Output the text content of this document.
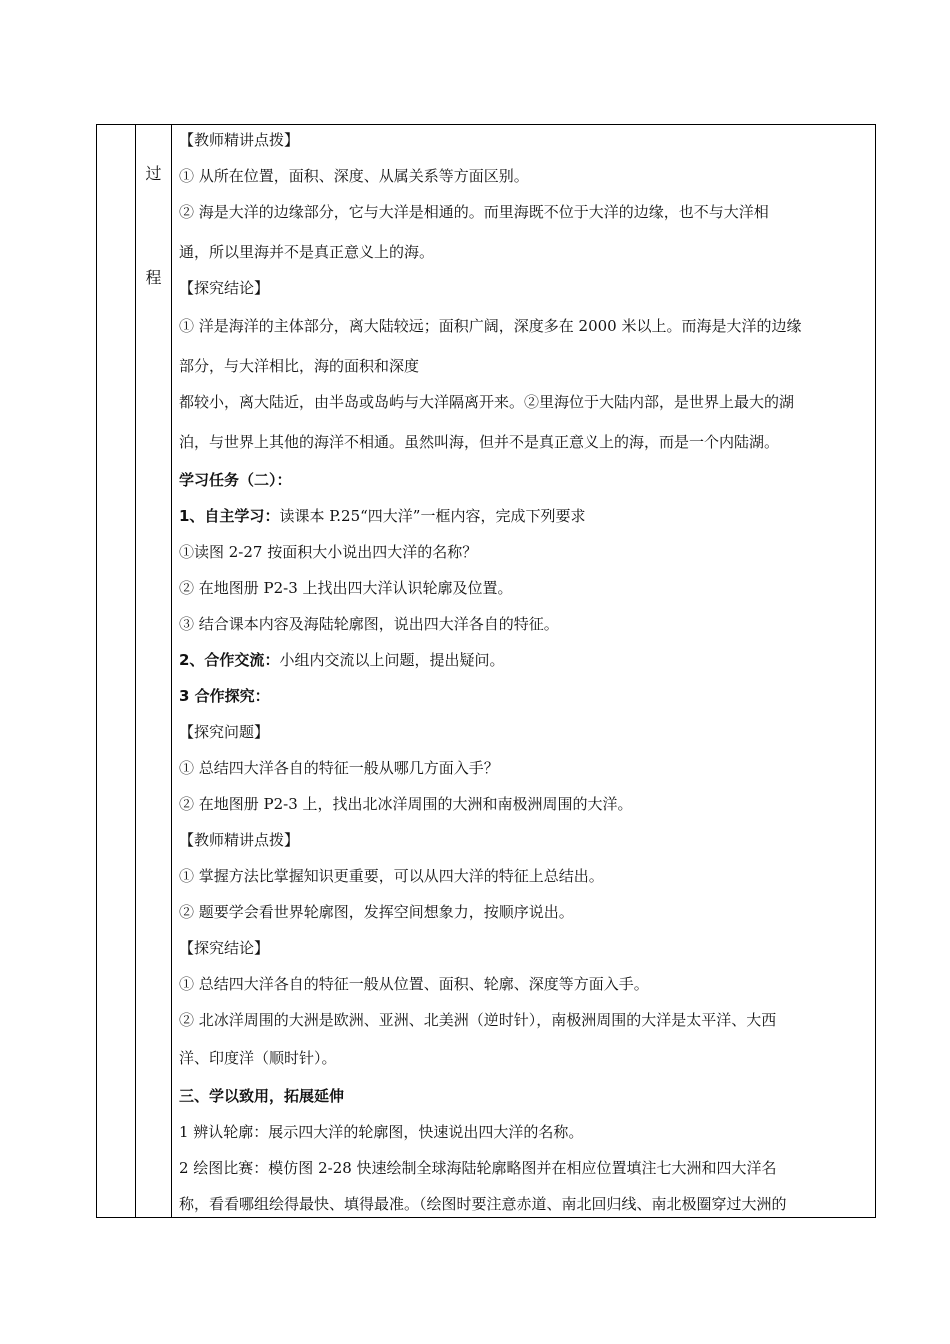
过
程
【教师精讲点拨】
① 从所在位置，面积、深度、从属关系等方面区别。
② 海是大洋的边缘部分，它与大洋是相通的。而里海既不位于大洋的边缘，也不与大洋相
通，所以里海并不是真正意义上的海。
【探究结论】
① 洋是海洋的主体部分，离大陆较远；面积广阔，深度多在 2000 米以上。而海是大洋的边缘
部分，与大洋相比，海的面积和深度
都较小，离大陆近，由半岛或岛屿与大洋隔离开来。②里海位于大陆内部，是世界上最大的湖
泊，与世界上其他的海洋不相通。虽然叫海，但并不是真正意义上的海，而是一个内陆湖。
学习任务（二）：
1、自主学习：读课本 P.25“四大洋”一框内容，完成下列要求
①读图 2-27 按面积大小说出四大洋的名称？
② 在地图册 P2-3 上找出四大洋认识轮廓及位置。
③ 结合课本内容及海陆轮廓图，说出四大洋各自的特征。
2、合作交流：小组内交流以上问题，提出疑问。
3 合作探究：
【探究问题】
① 总结四大洋各自的特征一般从哪几方面入手？
② 在地图册 P2-3 上，找出北冰洋周围的大洲和南极洲周围的大洋。
【教师精讲点拨】
① 掌握方法比掌握知识更重要，可以从四大洋的特征上总结出。
② 题要学会看世界轮廓图，发挥空间想象力，按顺序说出。
【探究结论】
① 总结四大洋各自的特征一般从位置、面积、轮廓、深度等方面入手。
② 北冰洋周围的大洲是欧洲、亚洲、北美洲（逆时针），南极洲周围的大洋是太平洋、大西
洋、印度洋（顺时针）。
三、学以致用，拓展延伸
1 辨认轮廓：展示四大洋的轮廓图，快速说出四大洋的名称。
2 绘图比赛：模仿图 2-28 快速绘制全球海陆轮廓略图并在相应位置填注七大洲和四大洋名
称，看看哪组绘得最快、填得最准。（绘图时要注意赤道、南北回归线、南北极圈穿过大洲的
